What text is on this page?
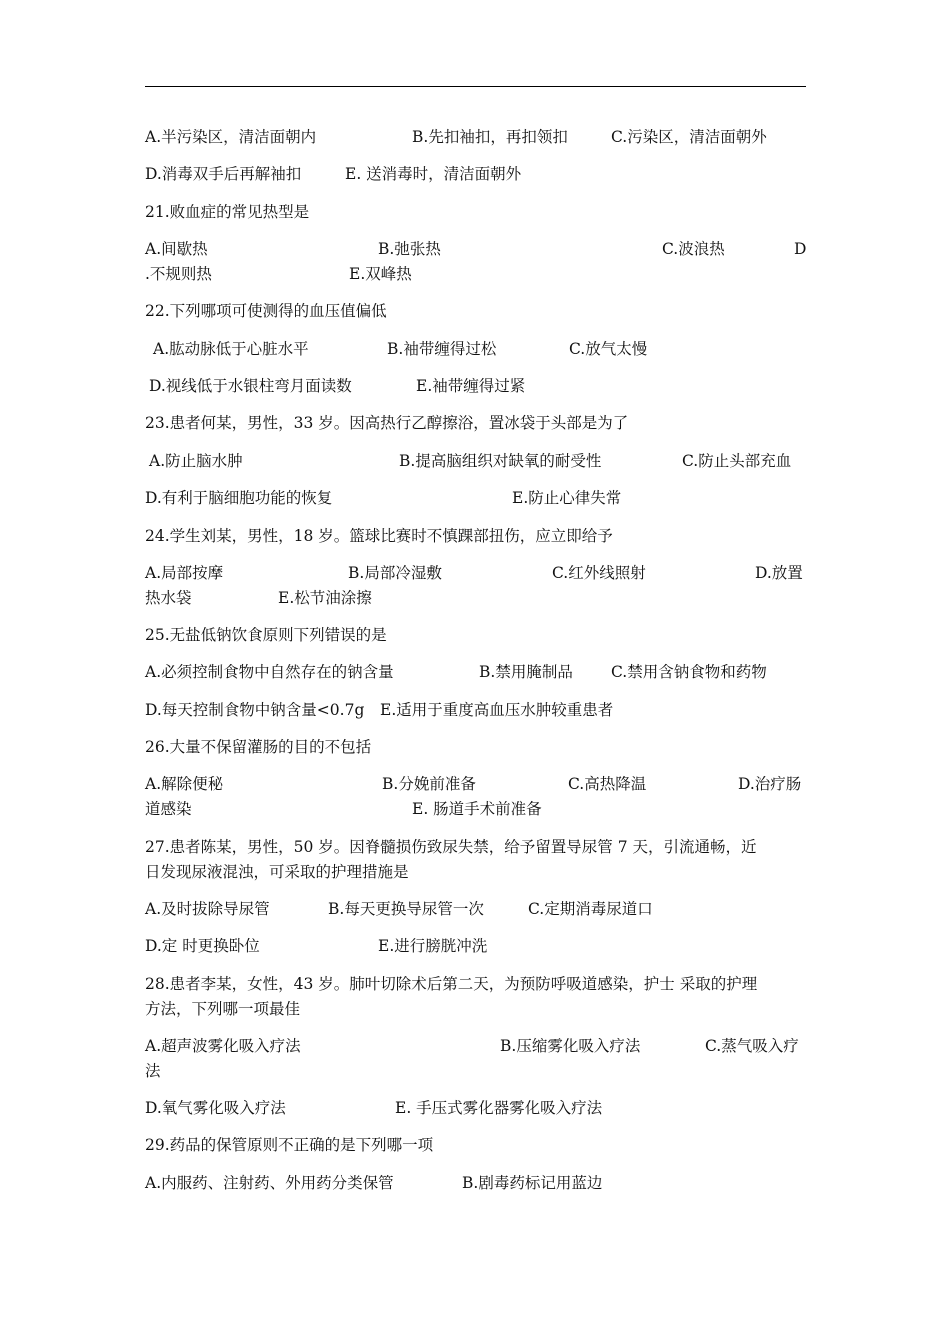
A.半污染区，清洁面朝内	B.先扣袖扣，再扣领扣	C.污染区，清洁面朝外
D.消毒双手后再解袖扣	E. 送消毒时，清洁面朝外
21.败血症的常见热型是
A.间歇热	B.弛张热	C.波浪热	D
.不规则热	E.双峰热
22.下列哪项可使测得的血压值偏低
A.肱动脉低于心脏水平	B.袖带缠得过松	C.放气太慢
D.视线低于水银柱弯月面读数	E.袖带缠得过紧
23.患者何某，男性，33 岁。因高热行乙醇擦浴，置冰袋于头部是为了
A.防止脑水肿	B.提高脑组织对缺氧的耐受性	C.防止头部充血
D.有利于脑细胞功能的恢复	E.防止心律失常
24.学生刘某，男性，18 岁。篮球比赛时不慎踝部扭伤，应立即给予
A.局部按摩	B.局部冷湿敷	C.红外线照射	D.放置
热水袋	E.松节油涂擦
25.无盐低钠饮食原则下列错误的是
A.必须控制食物中自然存在的钠含量	B.禁用腌制品 C.禁用含钠食物和药物
D.每天控制食物中钠含量<0.7g E.适用于重度高血压水肿较重患者
26.大量不保留灌肠的目的不包括
A.解除便秘	B.分娩前准备	C.高热降温	D.治疗肠
道感染	E. 肠道手术前准备
27.患者陈某，男性，50 岁。因脊髓损伤致尿失禁，给予留置导尿管 7 天，引流通畅，近
日发现尿液混浊，可采取的护理措施是
A.及时拔除导尿管	B.每天更换导尿管一次	C.定期消毒尿道口
D.定 时更换卧位	E.进行膀胱冲洗
28.患者李某，女性，43 岁。肺叶切除术后第二天，为预防呼吸道感染，护士 采取的护理
方法，下列哪一项最佳
A.超声波雾化吸入疗法	B.压缩雾化吸入疗法	C.蒸气吸入疗
法
D.氧气雾化吸入疗法	E. 手压式雾化器雾化吸入疗法
29.药品的保管原则不正确的是下列哪一项
A.内服药、注射药、外用药分类保管	B.剧毒药标记用蓝边
